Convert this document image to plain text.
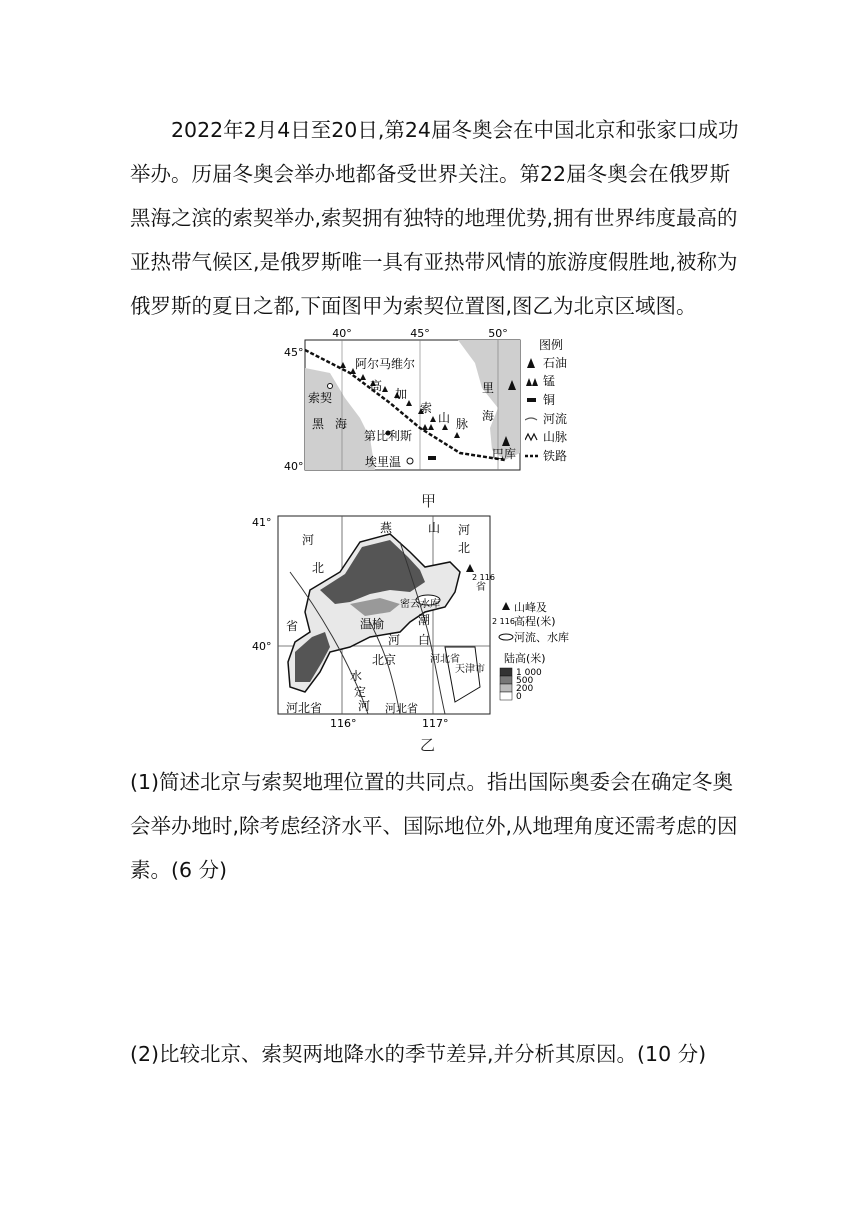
2022年2月4日至20日,第24届冬奥会在中国北京和张家口成功举办。历届冬奥会举办地都备受世界关注。第22届冬奥会在俄罗斯黑海之滨的索契举办,索契拥有独特的地理优势,拥有世界纬度最高的亚热带气候区,是俄罗斯唯一具有亚热带风情的旅游度假胜地,被称为俄罗斯的夏日之都,下面图甲为索契位置图,图乙为北京区域图。
40°	45°	50°
45°
40°
阿尔马维尔
索契
黑 海
高
加
索
山 脉
第比利斯
埃里温
里
海
巴库
图例
石油
锰
铜
河流
山脉
铁路
甲
41°
40°
116°	117°
燕	山
河
北
省
河
北
省
2 116
密云水库
温榆
河
潮
白
北京
水
定
河
河北省
天津市
河北省	河北省
山峰及
2 116 高程(米)
河流、水库
陆高(米)
1 000
500
200
0
乙
(1)简述北京与索契地理位置的共同点。指出国际奥委会在确定冬奥会举办地时,除考虑经济水平、国际地位外,从地理角度还需考虑的因素。(6 分)
(2)比较北京、索契两地降水的季节差异,并分析其原因。(10 分)
